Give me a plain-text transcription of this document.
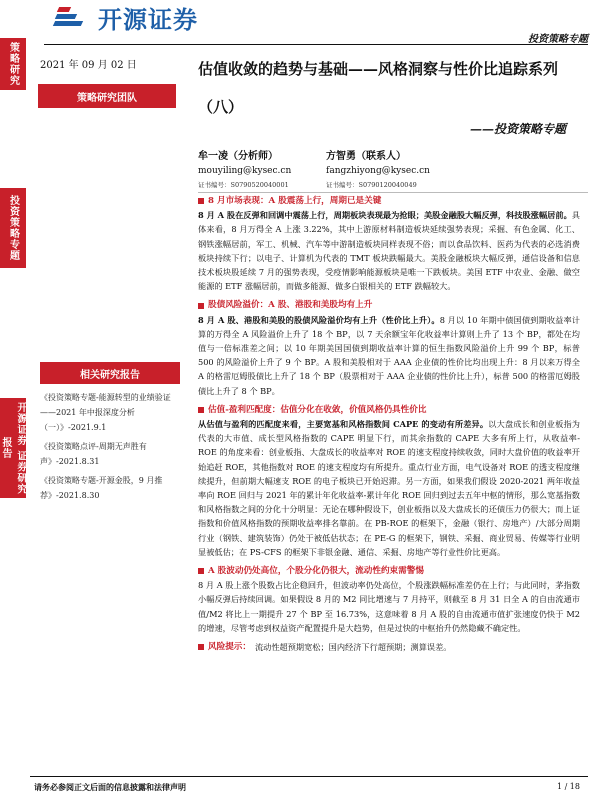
策略研究
投资策略专题
开源证券 证券研究报告
开源证券
投资策略专题
2021 年 09 月 02 日
策略研究团队
估值收敛的趋势与基础——风格洞察与性价比追踪系列（八）
——投资策略专题
牟一凌（分析师）
mouyiling@kysec.cn
证书编号：S0790520040001
方智勇（联系人）
fangzhiyong@kysec.cn
证书编号：S0790120040049
相关研究报告
《投资策略专题-能源转型的业绩验证——2021 年中报深度分析（一）》-2021.9.1
《投资策略点评-周期无声胜有声》-2021.8.31
《投资策略专题-开源金股，9 月推荐》-2021.8.30
8 月市场表现：A 股震荡上行，周期已是关键
8 月 A 股在反弹和回调中震荡上行，周期板块表现最为抢眼；美股金融股大幅反弹，科技股涨幅居前。具体来看，8 月万得全 A 上涨 3.22%，其中上游原材料制造板块延续强势表现；采掘、有色金属、化工、钢铁涨幅居前，军工、机械、汽车等中游制造板块同样表现不俗；而以食品饮料、医药为代表的必选消费板块持续下行；以电子、计算机为代表的 TMT 板块跌幅最大。美股金融板块大幅反弹，通信设备和信息技术板块股延续 7 月的强势表现，受疫情影响能源板块是唯一下跌板块。美国 ETF 中农业、金融、做空能源的 ETF 涨幅居前，而做多能源、做多白银相关的 ETF 跌幅较大。
股债风险溢价：A 股、港股和美股均有上升
8 月 A 股、港股和美股的股债风险溢价均有上升（性价比上升）。8 月以 10 年期中债国债到期收益率计算的万得全 A 风险溢价上升了 18 个 BP，以 7 天余额宝年化收益率计算则上升了 13 个 BP，都处在均值与一倍标准差之间；以 10 年期美国国债到期收益率计算的恒生指数风险溢价上升 99 个 BP，标普 500 的风险溢价上升了 9 个 BP。A 股和美股相对于 AAA 企业债的性价比均出现上升：8 月以来万得全 A 的格雷厄姆股债比上升了 18 个 BP（股票相对于 AAA 企业债的性价比上升），标普 500 的格雷厄姆股债比上升了 8 个 BP。
估值-盈利匹配度：估值分化在收敛，价值风格仍具性价比
从估值与盈利的匹配度来看，主要宽基和风格指数间 CAPE 的变动有所差异。以大盘成长和创业板指为代表的大市值、成长型风格指数的 CAPE 明显下行，而其余指数的 CAPE 大多有所上行，从收益率-ROE 的角度来看：创业板指、大盘成长的收益率对 ROE 的速支程度持续收敛，同时大盘价值的收益率开始追赶 ROE，其他指数对 ROE 的速支程度均有所提升。重点行业方面，电气设备对 ROE 的透支程度继续提升，但前期大幅速支 ROE 的电子板块已开始迟滞。另一方面，如果我们假设 2020-2021 两年收益率向 ROE 回归与 2021 年的累计年化收益率-累计年化 ROE 回归到过去五年中枢的情形，那么宽基指数和风格指数之间的分化十分明显：无论在哪种假设下，创业板指以及大盘成长的还债压力仍很大；而上证指数和价值风格指数的预期收益率排名靠前。在 PB-ROE 的框架下，金融（银行、房地产）/大部分周期行业（钢铁、建筑装饰）仍处于被低估状态；在 PE-G 的框架下，钢铁、采掘、商业贸易、传媒等行业明显被低估；在 PS-CFS 的框架下非银金融、通信、采掘、房地产等行业性价比更高。
A 股波动仍处高位，个股分化仍很大，流动性约束需警惕
8 月 A 股上涨个股数占比企稳回升，但波动率仍处高位，个股涨跌幅标准差仍在上行；与此同时，茅指数小幅反弹后持续回调。如果假设 8 月的 M2 同比增速与 7 月持平，则截至 8 月 31 日全 A 的自由流通市值/M2 将比上一期提升 27 个 BP 至 16.73%，这意味着 8 月 A 股的自由流通市值扩张速度仍快于 M2 的增速，尽管考虑到权益资产配置提升是大趋势，但是过快的中枢抬升仍然隐藏不确定性。
风险提示： 流动性超预期宽松；国内经济下行超预期；测算误差。
请务必参阅正文后面的信息披露和法律声明	1 / 18
